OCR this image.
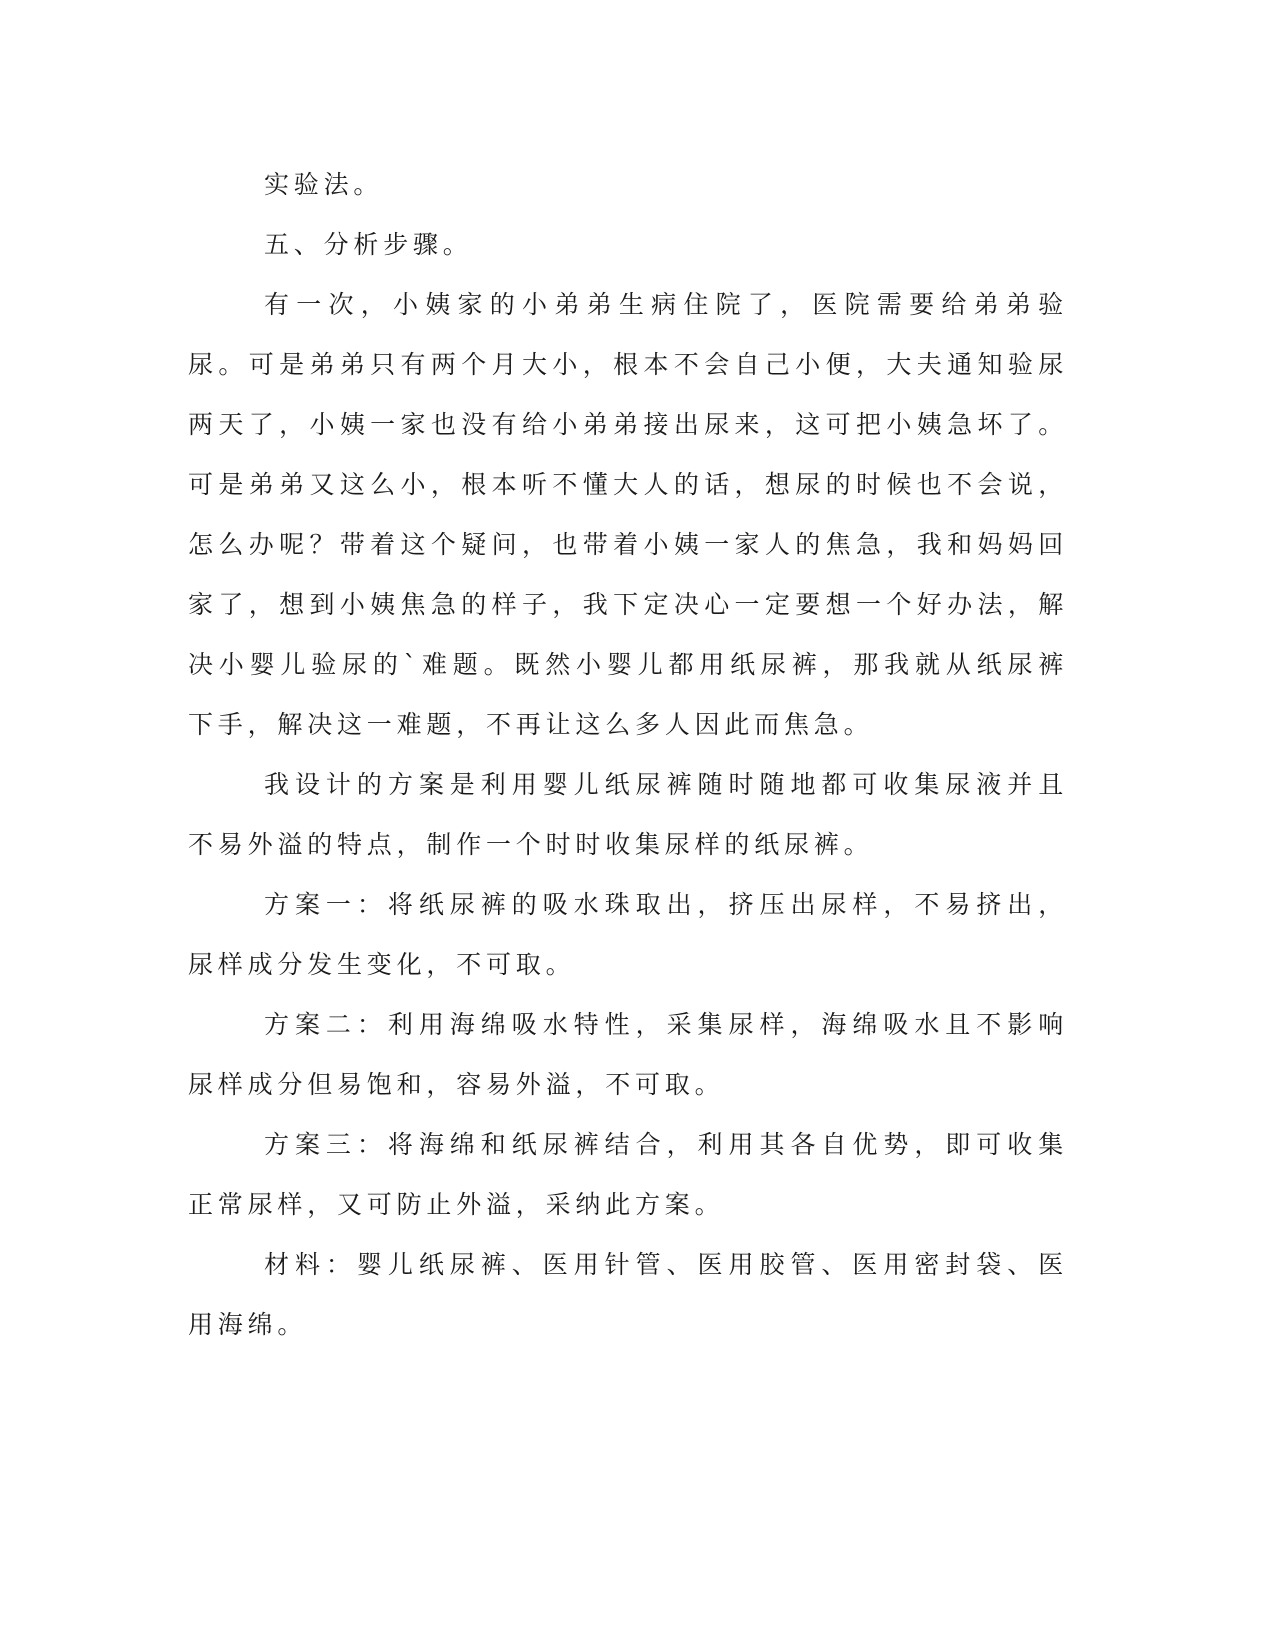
实验法。

五、分析步骤。

有一次，小姨家的小弟弟生病住院了，医院需要给弟弟验尿。可是弟弟只有两个月大小，根本不会自己小便，大夫通知验尿两天了，小姨一家也没有给小弟弟接出尿来，这可把小姨急坏了。可是弟弟又这么小，根本听不懂大人的话，想尿的时候也不会说，怎么办呢？带着这个疑问，也带着小姨一家人的焦急，我和妈妈回家了，想到小姨焦急的样子，我下定决心一定要想一个好办法，解决小婴儿验尿的`难题。既然小婴儿都用纸尿裤，那我就从纸尿裤下手，解决这一难题，不再让这么多人因此而焦急。

我设计的方案是利用婴儿纸尿裤随时随地都可收集尿液并且不易外溢的特点，制作一个时时收集尿样的纸尿裤。

方案一：将纸尿裤的吸水珠取出，挤压出尿样，不易挤出，尿样成分发生变化，不可取。

方案二：利用海绵吸水特性，采集尿样，海绵吸水且不影响尿样成分但易饱和，容易外溢，不可取。

方案三：将海绵和纸尿裤结合，利用其各自优势，即可收集正常尿样，又可防止外溢，采纳此方案。

材料：婴儿纸尿裤、医用针管、医用胶管、医用密封袋、医用海绵。
